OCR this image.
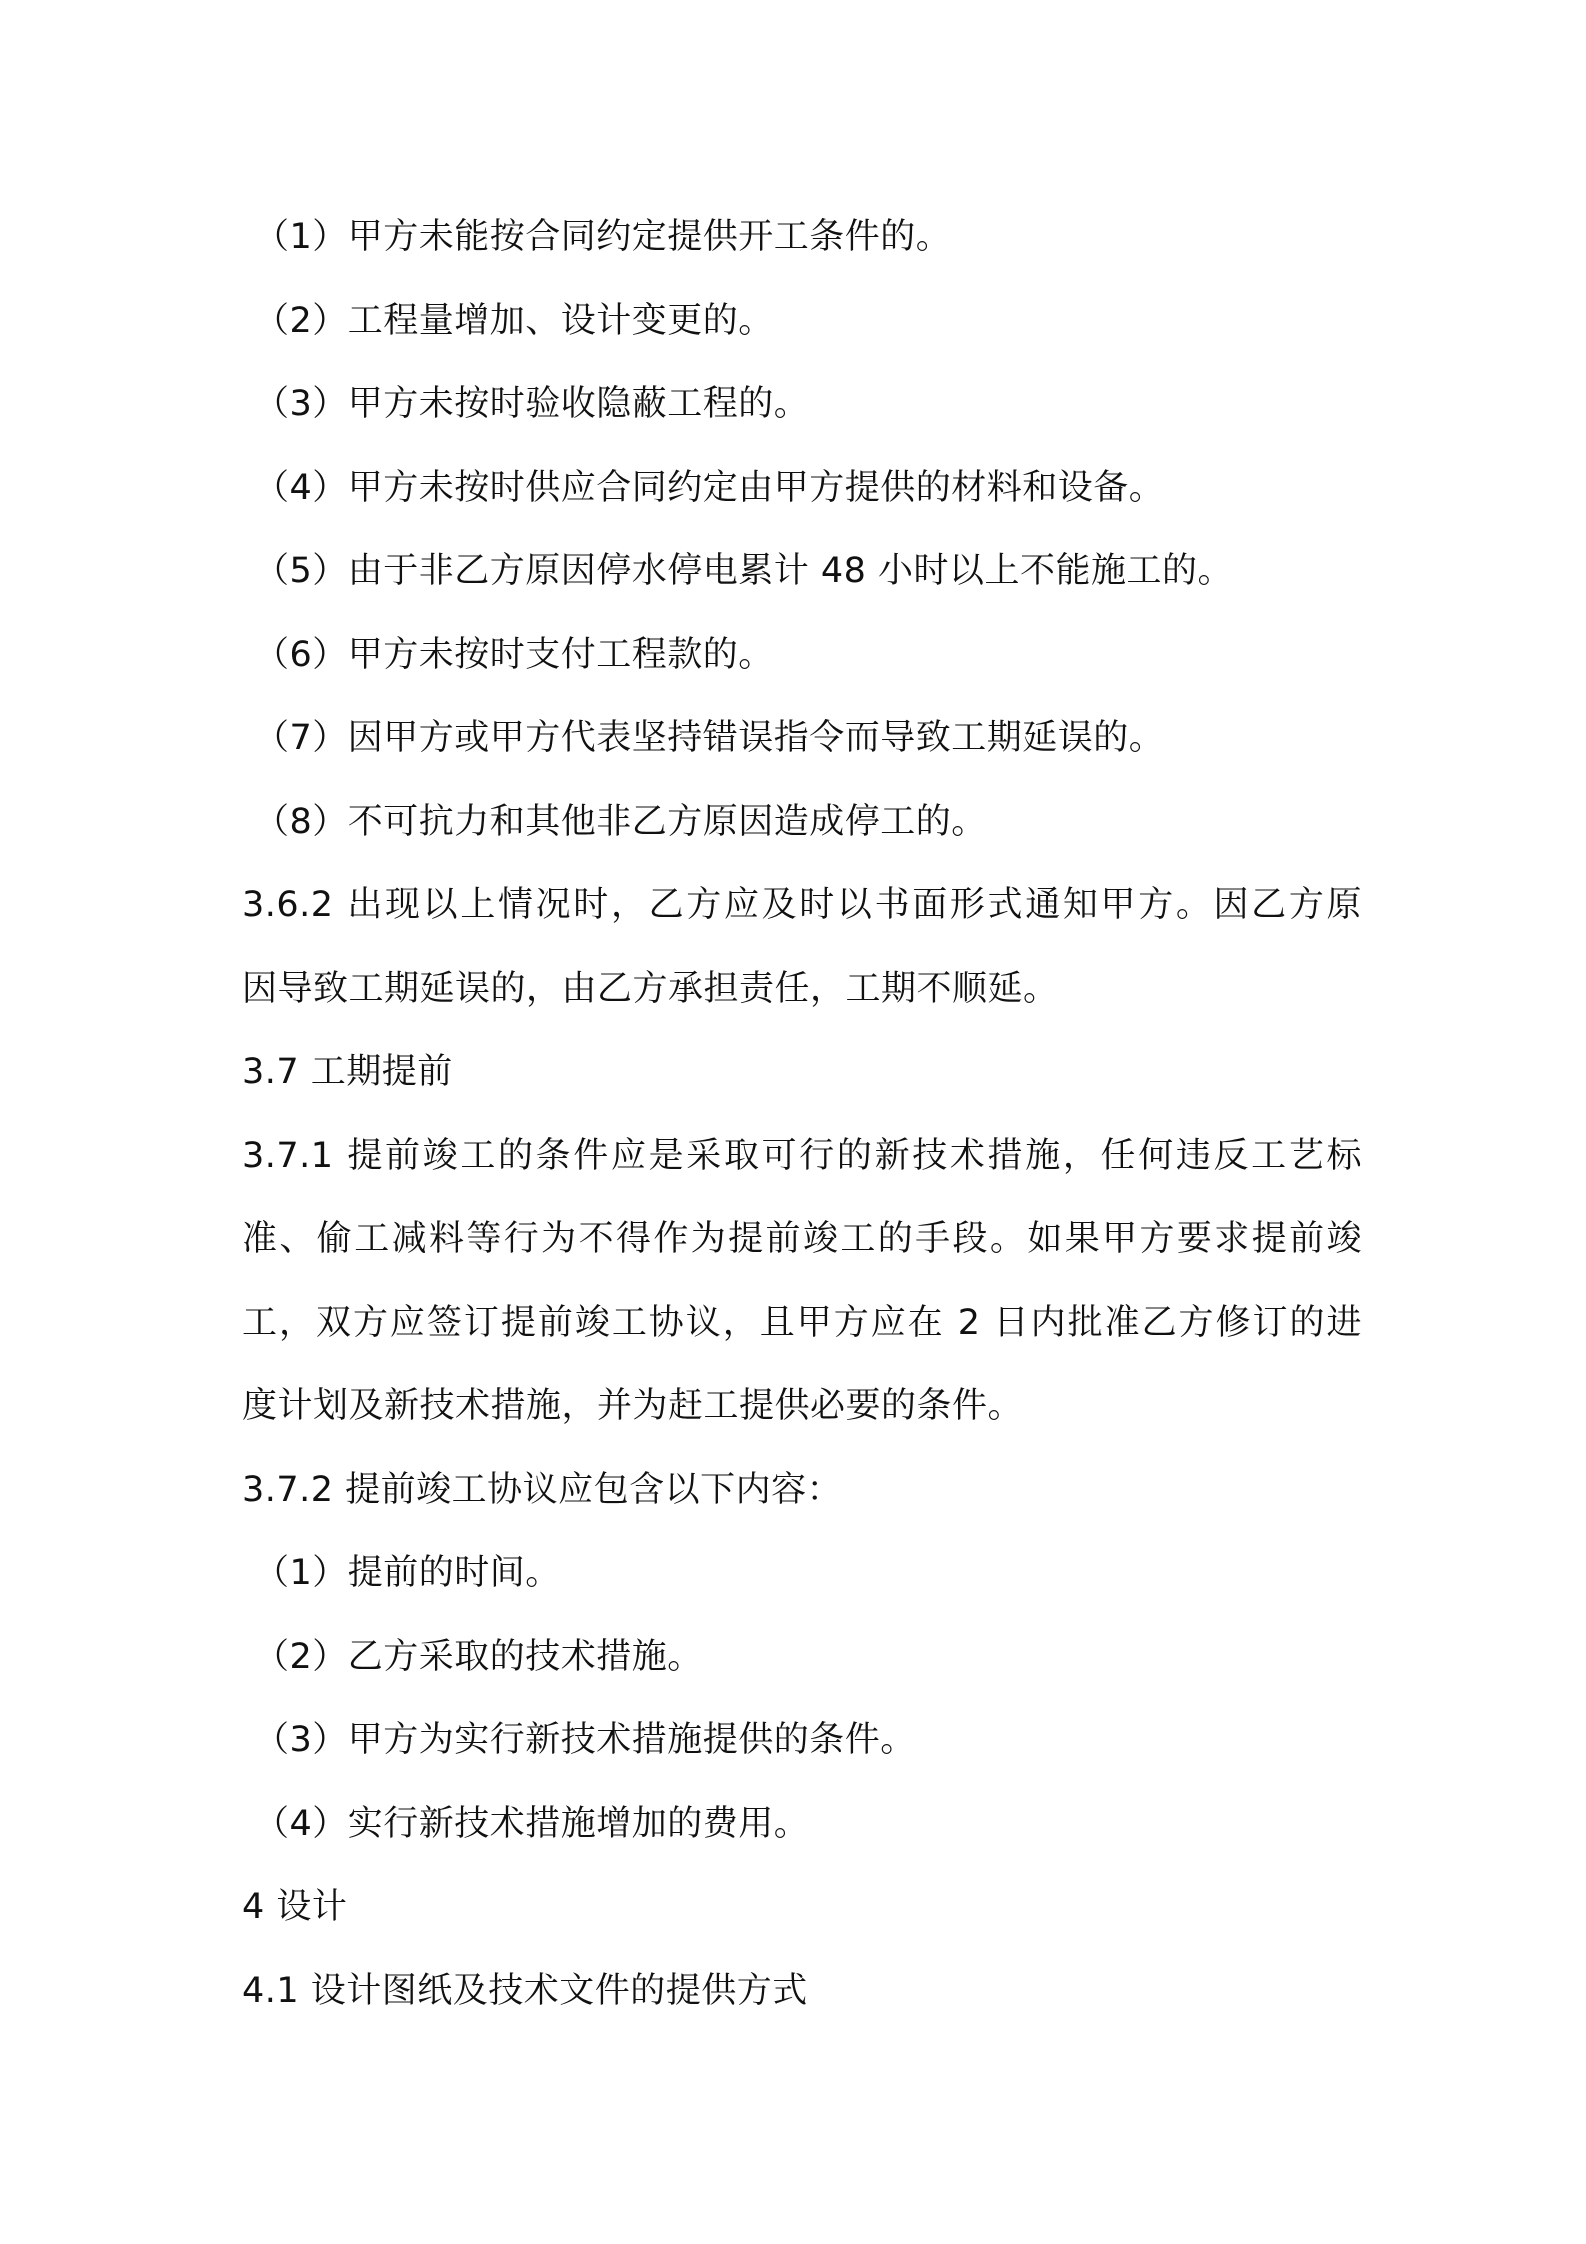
（1）甲方未能按合同约定提供开工条件的。
（2）工程量增加、设计变更的。
（3）甲方未按时验收隐蔽工程的。
（4）甲方未按时供应合同约定由甲方提供的材料和设备。
（5）由于非乙方原因停水停电累计 48 小时以上不能施工的。
（6）甲方未按时支付工程款的。
（7）因甲方或甲方代表坚持错误指令而导致工期延误的。
（8）不可抗力和其他非乙方原因造成停工的。
3.6.2 出现以上情况时，乙方应及时以书面形式通知甲方。因乙方原
因导致工期延误的，由乙方承担责任，工期不顺延。
3.7 工期提前
3.7.1 提前竣工的条件应是采取可行的新技术措施，任何违反工艺标
准、偷工减料等行为不得作为提前竣工的手段。如果甲方要求提前竣
工，双方应签订提前竣工协议，且甲方应在 2 日内批准乙方修订的进
度计划及新技术措施，并为赶工提供必要的条件。
3.7.2 提前竣工协议应包含以下内容：
（1）提前的时间。
（2）乙方采取的技术措施。
（3）甲方为实行新技术措施提供的条件。
（4）实行新技术措施增加的费用。
4 设计
4.1 设计图纸及技术文件的提供方式
